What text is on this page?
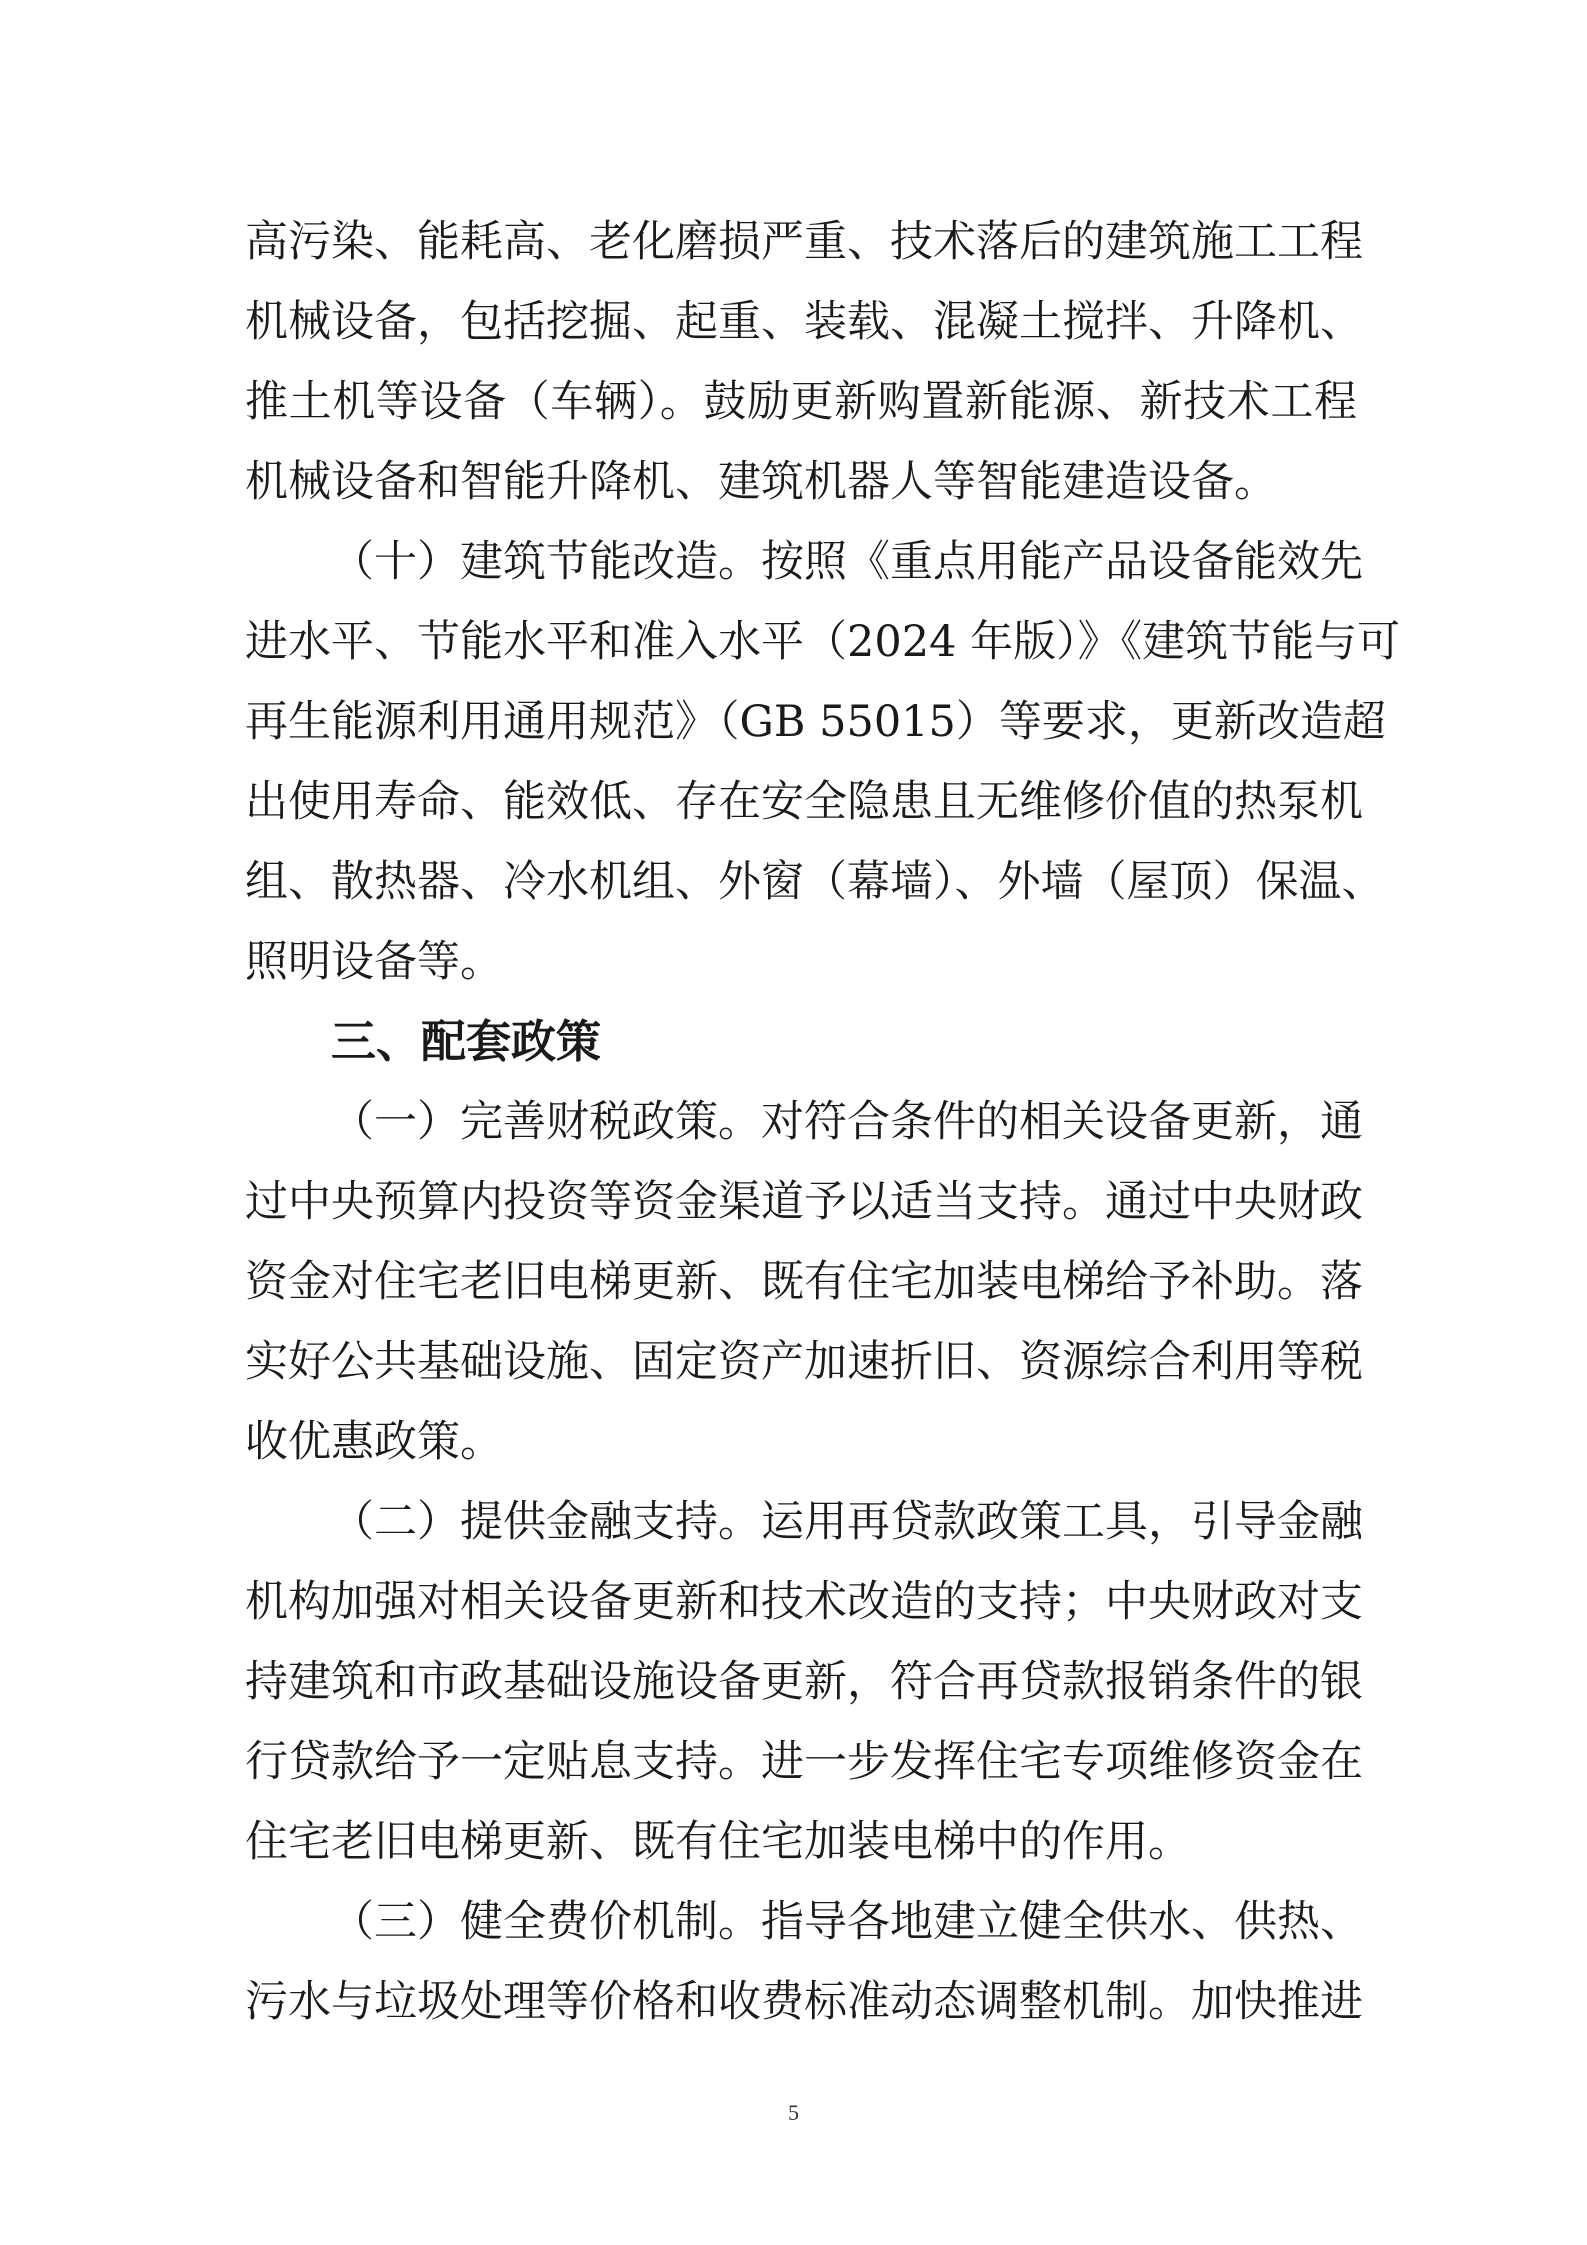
高污染、能耗高、老化磨损严重、技术落后的建筑施工工程
机械设备，包括挖掘、起重、装载、混凝土搅拌、升降机、
推土机等设备（车辆）。鼓励更新购置新能源、新技术工程
机械设备和智能升降机、建筑机器人等智能建造设备。
（十）建筑节能改造。按照《重点用能产品设备能效先
进水平、节能水平和准入水平（2024 年版）》《建筑节能与可
再生能源利用通用规范》（GB 55015）等要求，更新改造超
出使用寿命、能效低、存在安全隐患且无维修价值的热泵机
组、散热器、冷水机组、外窗（幕墙）、外墙（屋顶）保温、
照明设备等。
三、配套政策
（一）完善财税政策。对符合条件的相关设备更新，通
过中央预算内投资等资金渠道予以适当支持。通过中央财政
资金对住宅老旧电梯更新、既有住宅加装电梯给予补助。落
实好公共基础设施、固定资产加速折旧、资源综合利用等税
收优惠政策。
（二）提供金融支持。运用再贷款政策工具，引导金融
机构加强对相关设备更新和技术改造的支持；中央财政对支
持建筑和市政基础设施设备更新，符合再贷款报销条件的银
行贷款给予一定贴息支持。进一步发挥住宅专项维修资金在
住宅老旧电梯更新、既有住宅加装电梯中的作用。
（三）健全费价机制。指导各地建立健全供水、供热、
污水与垃圾处理等价格和收费标准动态调整机制。加快推进
5
